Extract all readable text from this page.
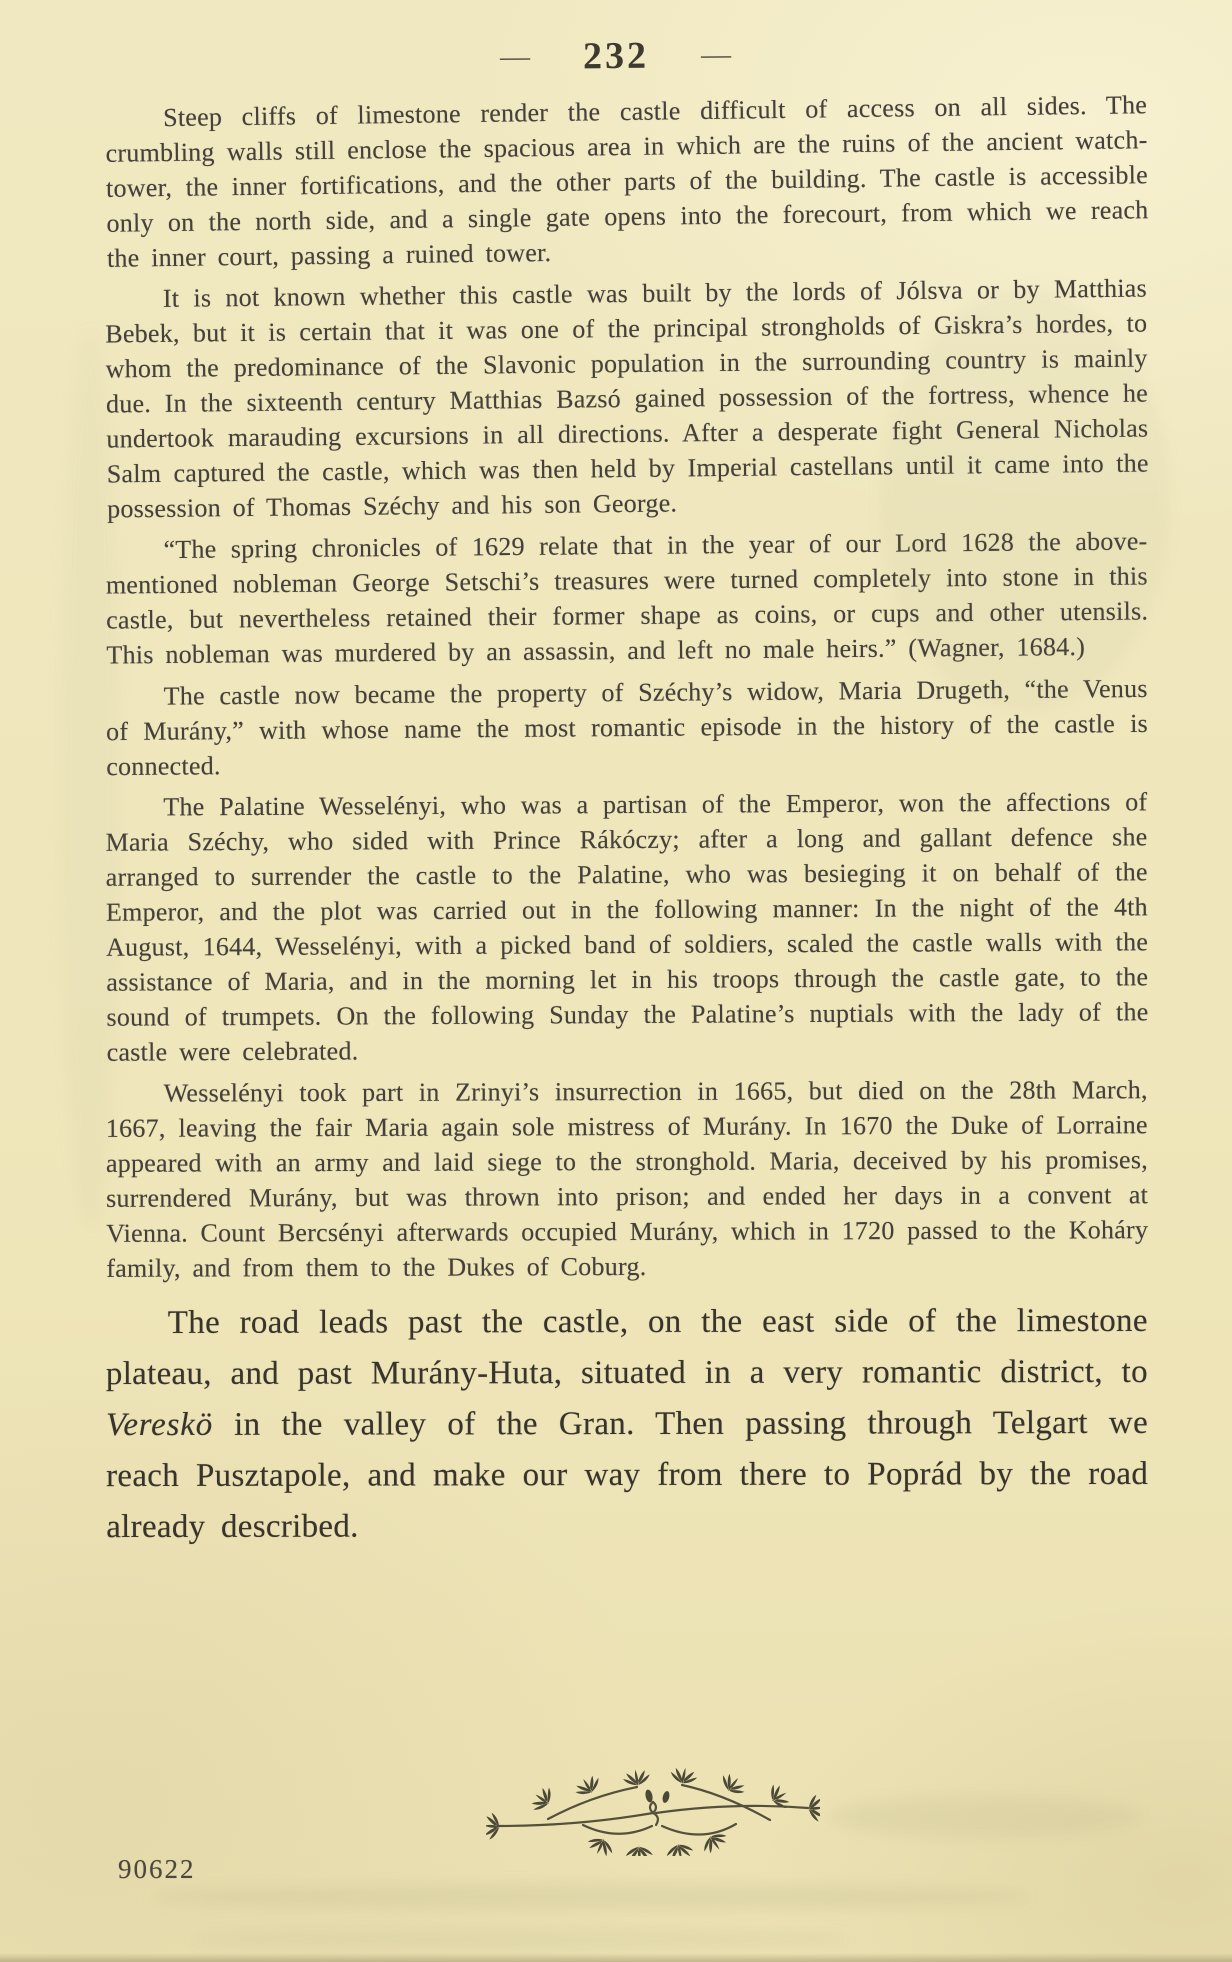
— 232 —

Steep cliffs of limestone render the castle difficult of access on all sides. The crumbling walls still enclose the spacious area in which are the ruins of the ancient watch-tower, the inner fortifications, and the other parts of the building. The castle is accessible only on the north side, and a single gate opens into the forecourt, from which we reach the inner court, passing a ruined tower.

It is not known whether this castle was built by the lords of Jólsva or by Matthias Bebek, but it is certain that it was one of the principal strongholds of Giskra’s hordes, to whom the predominance of the Slavonic population in the surrounding country is mainly due. In the sixteenth century Matthias Bazsó gained possession of the fortress, whence he undertook marauding excursions in all directions. After a desperate fight General Nicholas Salm captured the castle, which was then held by Imperial castellans until it came into the possession of Thomas Széchy and his son George.

“The spring chronicles of 1629 relate that in the year of our Lord 1628 the above-mentioned nobleman George Setschi’s treasures were turned completely into stone in this castle, but nevertheless retained their former shape as coins, or cups and other utensils. This nobleman was murdered by an assassin, and left no male heirs.” (Wagner, 1684.)

The castle now became the property of Széchy’s widow, Maria Drugeth, “the Venus of Murány,” with whose name the most romantic episode in the history of the castle is connected.

The Palatine Wesselényi, who was a partisan of the Emperor, won the affections of Maria Széchy, who sided with Prince Rákóczy; after a long and gallant defence she arranged to surrender the castle to the Palatine, who was besieging it on behalf of the Emperor, and the plot was carried out in the following manner: In the night of the 4th August, 1644, Wesselényi, with a picked band of soldiers, scaled the castle walls with the assistance of Maria, and in the morning let in his troops through the castle gate, to the sound of trumpets. On the following Sunday the Palatine’s nuptials with the lady of the castle were celebrated.

Wesselényi took part in Zrinyi’s insurrection in 1665, but died on the 28th March, 1667, leaving the fair Maria again sole mistress of Murány. In 1670 the Duke of Lorraine appeared with an army and laid siege to the stronghold. Maria, deceived by his promises, surrendered Murány, but was thrown into prison; and ended her days in a convent at Vienna. Count Bercsényi afterwards occupied Murány, which in 1720 passed to the Koháry family, and from them to the Dukes of Coburg.

The road leads past the castle, on the east side of the limestone plateau, and past Murány-Huta, situated in a very romantic district, to Vereskö in the valley of the Gran. Then passing through Telgart we reach Pusztapole, and make our way from there to Poprád by the road already described.

90622
